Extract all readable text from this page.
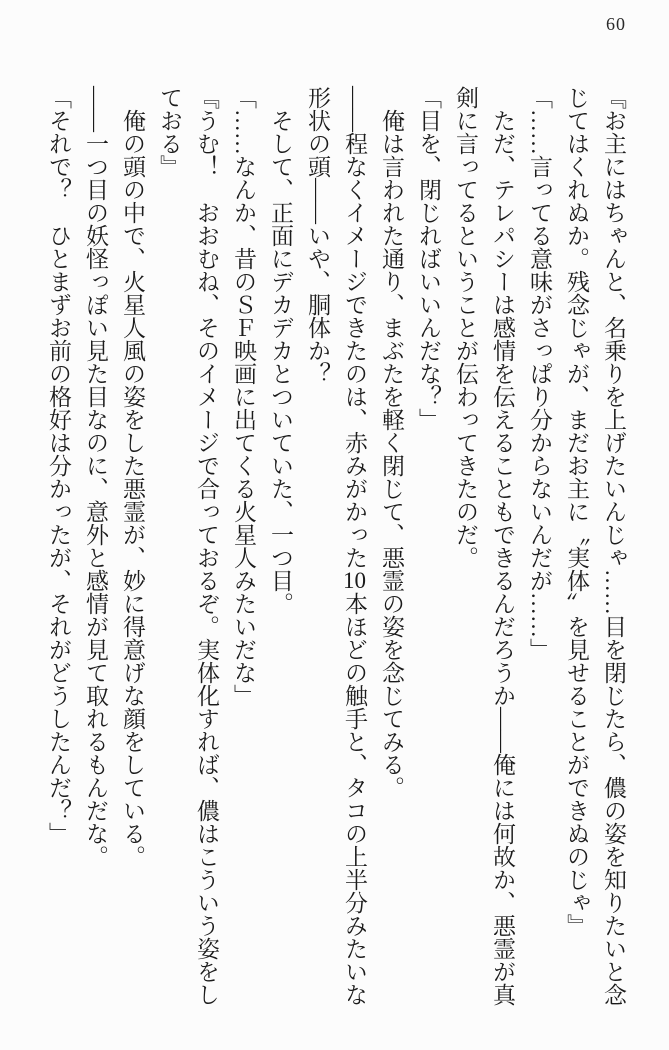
60

『お主にはちゃんと、名乗りを上げたいんじゃ……目を閉じたら、儂の姿を知りたいと念じてはくれぬか。残念じゃが、まだお主に〝実体〟を見せることができぬのじゃ』

「……言ってる意味がさっぱり分からないんだが……」

ただ、テレパシーは感情を伝えることもできるんだろうか――俺には何故か、悪霊が真剣に言ってるということが伝わってきたのだ。

「目を、閉じればいいんだな？」

俺は言われた通り、まぶたを軽く閉じて、悪霊の姿を念じてみる。

――程なくイメージできたのは、赤みがかった10本ほどの触手と、タコの上半分みたいな形状の頭――いや、胴体か？

そして、正面にデカデカとついていた、一つ目。

「……なんか、昔のＳＦ映画に出てくる火星人みたいだな」

『うむ！　おおむね、そのイメージで合っておるぞ。実体化すれば、儂はこういう姿をしておる』

俺の頭の中で、火星人風の姿をした悪霊が、妙に得意げな顔をしている。

――一つ目の妖怪っぽい見た目なのに、意外と感情が見て取れるもんだな。

「それで？　ひとまずお前の格好は分かったが、それがどうしたんだ？」
